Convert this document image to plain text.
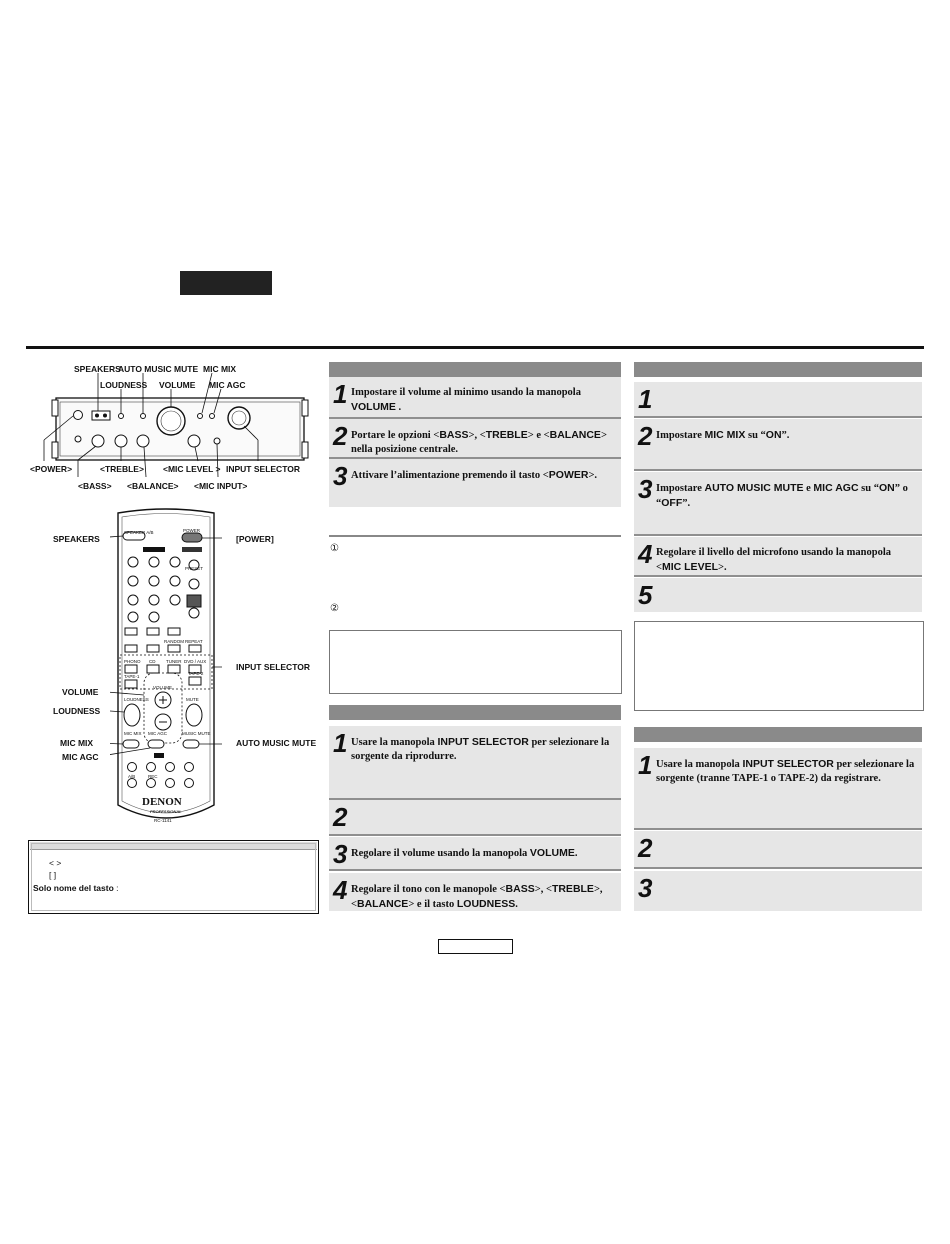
SPEAKERS
AUTO MUSIC MUTE MIC MIX
LOUDNESS VOLUME MIC AGC
<POWER>	<TREBLE> <MIC LEVEL > INPUT SELECTOR
<BASS> <BALANCE> <MIC INPUT>
SPEAKER A/B	POWER
PRESET
RANDOM REPEAT
PHONO CD TUNER DVD / AUX
TAPE-1
TAPE-2
VOLUME
LOUDNESS	MUTE
MIC MIX MIC AGC	MUSIC MUTE
A/B	REC
DENON
PROFESSIONAL
RC-1141
SPEAKERS	[POWER]
INPUT SELECTOR
VOLUME
LOUDNESS
MIC MIX
MIC AGC
AUTO MUSIC MUTE
< >
[ ]
Solo nome del tasto :
1 Impostare il volume al minimo usando la manopola VOLUME .
2 Portare le opzioni <BASS>, <TREBLE> e <BALANCE> nella posizione centrale.
3 Attivare l’alimentazione premendo il tasto <POWER>.
①
②
1 Usare la manopola INPUT SELECTOR per selezionare la sorgente da riprodurre.
2
3 Regolare il volume usando la manopola VOLUME.
4 Regolare il tono con le manopole <BASS>, <TREBLE>, <BALANCE> e il tasto LOUDNESS.
1
2 Impostare MIC MIX su “ON”.
3 Impostare AUTO MUSIC MUTE e MIC AGC su “ON” o “OFF”.
4 Regolare il livello del microfono usando la manopola <MIC LEVEL>.
5
1 Usare la manopola INPUT SELECTOR per selezionare la sorgente (tranne TAPE-1 o TAPE-2) da registrare.
2
3
